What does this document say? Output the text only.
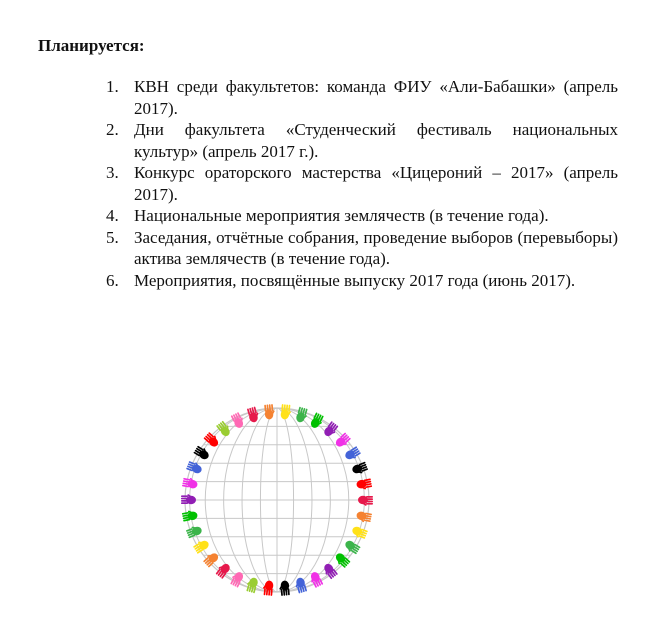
Планируется:
1. КВН среди факультетов: команда ФИУ «Али-Бабашки» (апрель 2017).
2. Дни факультета «Студенческий фестиваль национальных культур» (апрель 2017 г.).
3. Конкурс ораторского мастерства «Цицероний – 2017» (апрель 2017).
4. Национальные мероприятия землячеств (в течение года).
5. Заседания, отчётные собрания, проведение выборов (перевыборы) актива землячеств (в течение года).
6. Мероприятия, посвящённые выпуску 2017 года (июнь 2017).
